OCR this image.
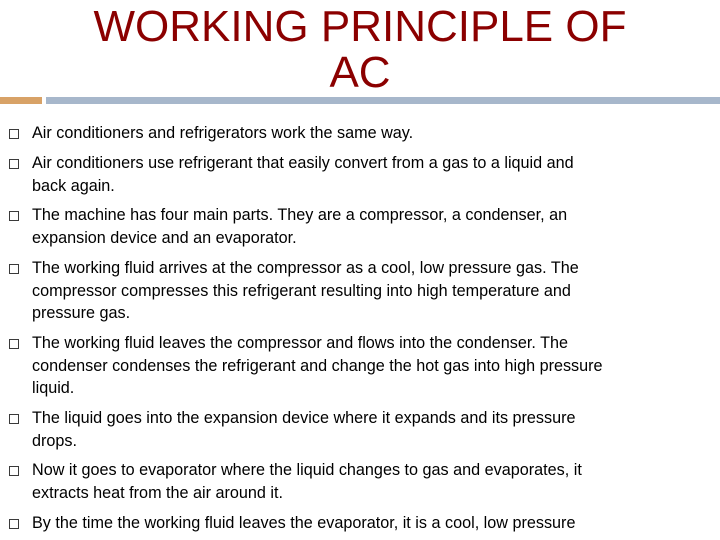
WORKING PRINCIPLE OF
AC
Air conditioners and refrigerators work the same way.
Air conditioners use refrigerant that easily convert from a gas to a liquid and
back again.
The machine has four main parts. They are a compressor, a condenser, an
expansion device and an evaporator.
The working fluid arrives at the compressor as a cool, low pressure gas. The
compressor compresses this refrigerant resulting into high temperature and
pressure gas.
The working fluid leaves the compressor and flows into the condenser. The
condenser condenses the refrigerant and change the hot gas into high pressure
liquid.
The liquid goes into the expansion device where it expands and its pressure
drops.
Now it goes to evaporator where the liquid changes to gas and evaporates, it
extracts heat from the air around it.
By the time the working fluid leaves the evaporator, it is a cool, low pressure
